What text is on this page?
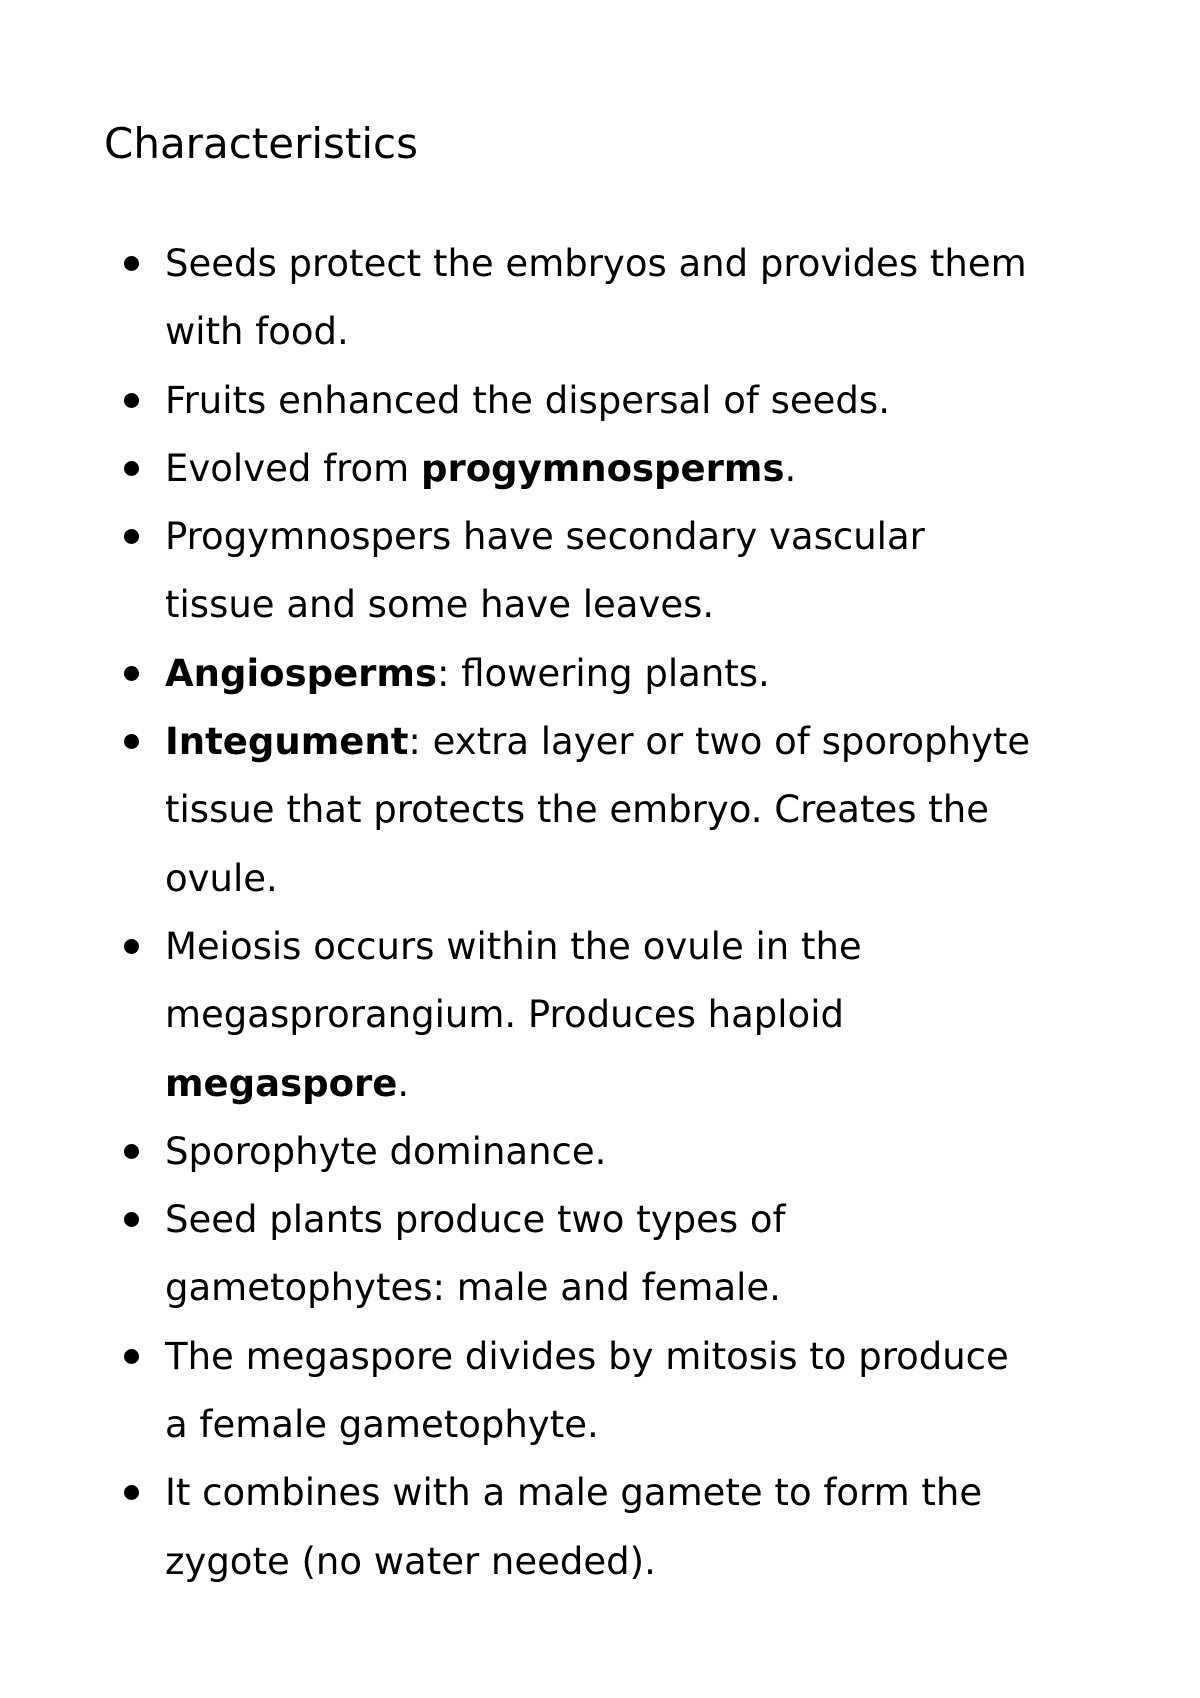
Characteristics
Seeds protect the embryos and provides them
with food.
Fruits enhanced the dispersal of seeds.
Evolved from progymnosperms.
Progymnospers have secondary vascular
tissue and some have leaves.
Angiosperms: flowering plants.
Integument: extra layer or two of sporophyte
tissue that protects the embryo. Creates the
ovule.
Meiosis occurs within the ovule in the
megasprorangium. Produces haploid
megaspore.
Sporophyte dominance.
Seed plants produce two types of
gametophytes: male and female.
The megaspore divides by mitosis to produce
a female gametophyte.
It combines with a male gamete to form the
zygote (no water needed).
